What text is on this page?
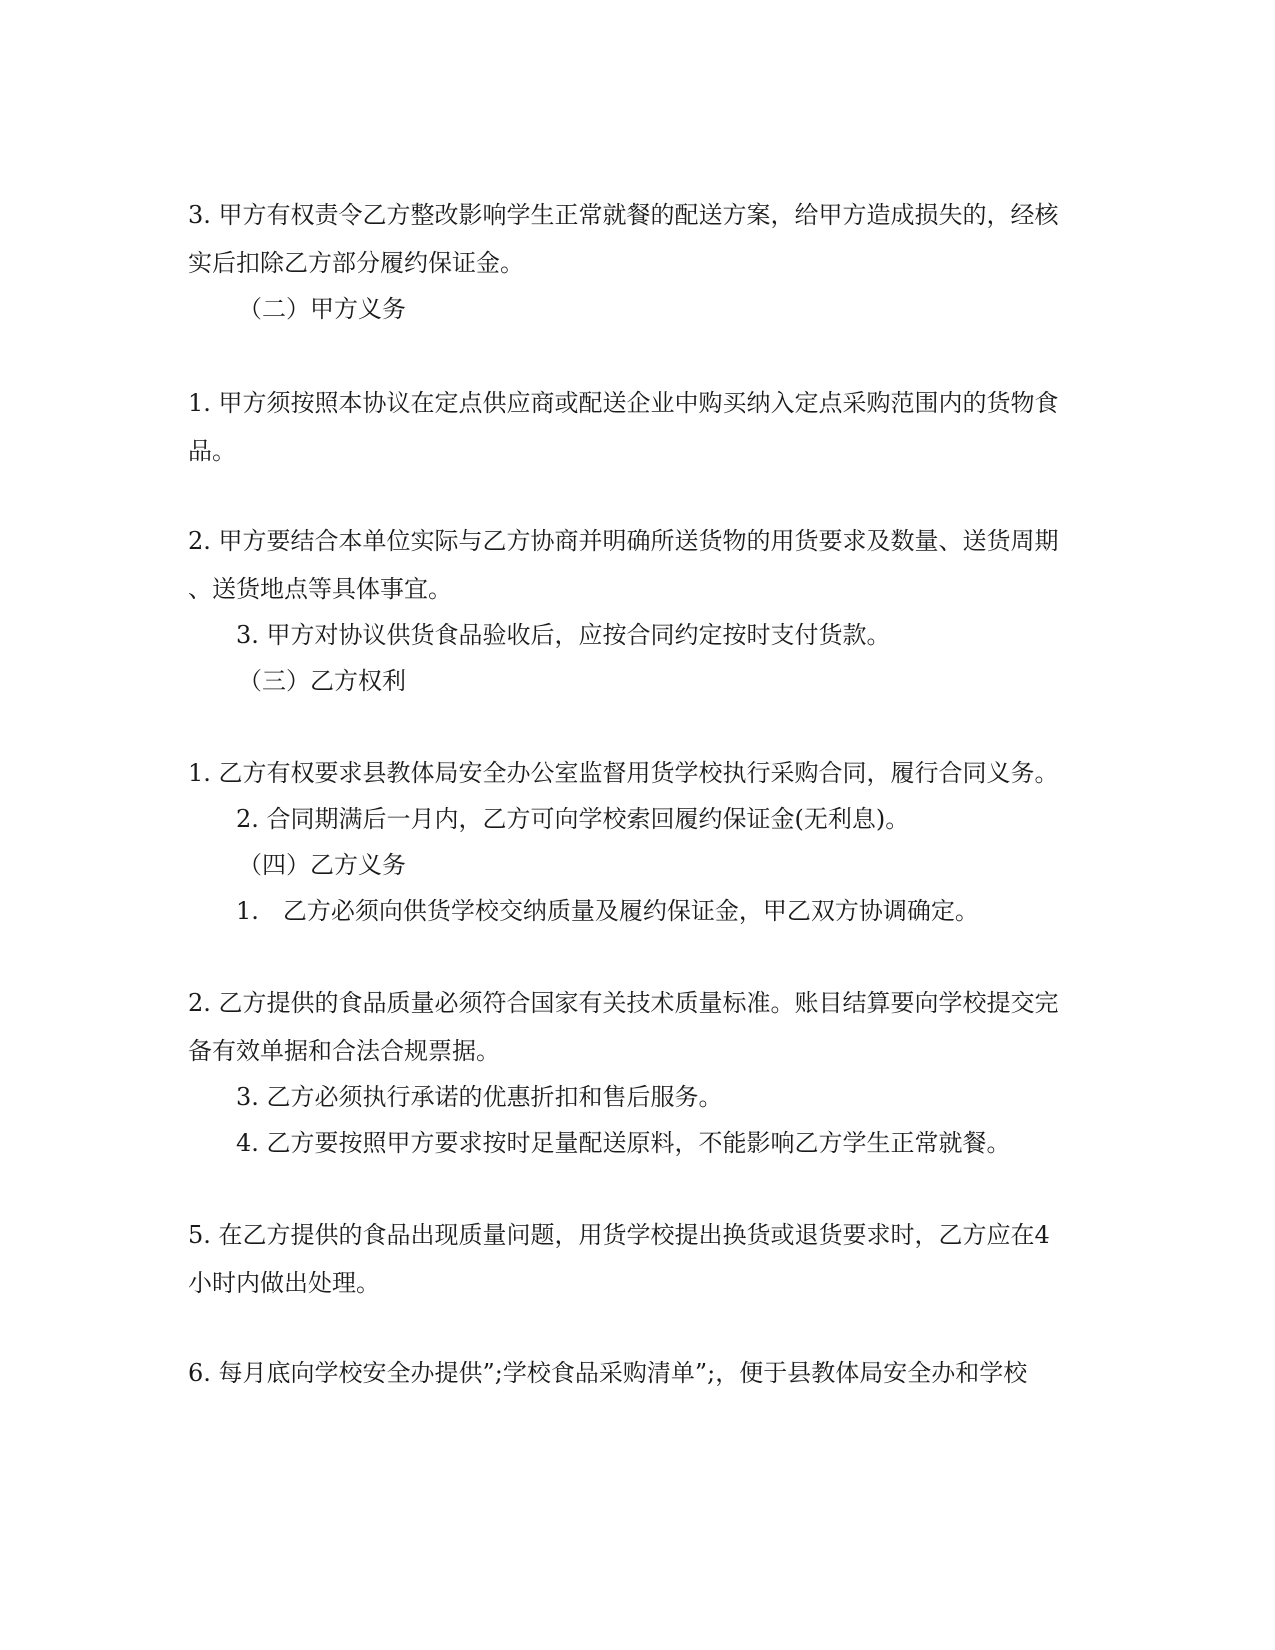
3. 甲方有权责令乙方整改影响学生正常就餐的配送方案，给甲方造成损失的，经核

实后扣除乙方部分履约保证金。

（二）甲方义务

1. 甲方须按照本协议在定点供应商或配送企业中购买纳入定点采购范围内的货物食

品。

2. 甲方要结合本单位实际与乙方协商并明确所送货物的用货要求及数量、送货周期

、送货地点等具体事宜。

3. 甲方对协议供货食品验收后，应按合同约定按时支付货款。

（三）乙方权利

1. 乙方有权要求县教体局安全办公室监督用货学校执行采购合同，履行合同义务。

2. 合同期满后一月内，乙方可向学校索回履约保证金(无利息)。

（四）乙方义务

1.　乙方必须向供货学校交纳质量及履约保证金，甲乙双方协调确定。

2. 乙方提供的食品质量必须符合国家有关技术质量标准。账目结算要向学校提交完

备有效单据和合法合规票据。

3. 乙方必须执行承诺的优惠折扣和售后服务。

4. 乙方要按照甲方要求按时足量配送原料，不能影响乙方学生正常就餐。

5. 在乙方提供的食品出现质量问题，用货学校提出换货或退货要求时，乙方应在4

小时内做出处理。

6. 每月底向学校安全办提供”;学校食品采购清单”;，便于县教体局安全办和学校
